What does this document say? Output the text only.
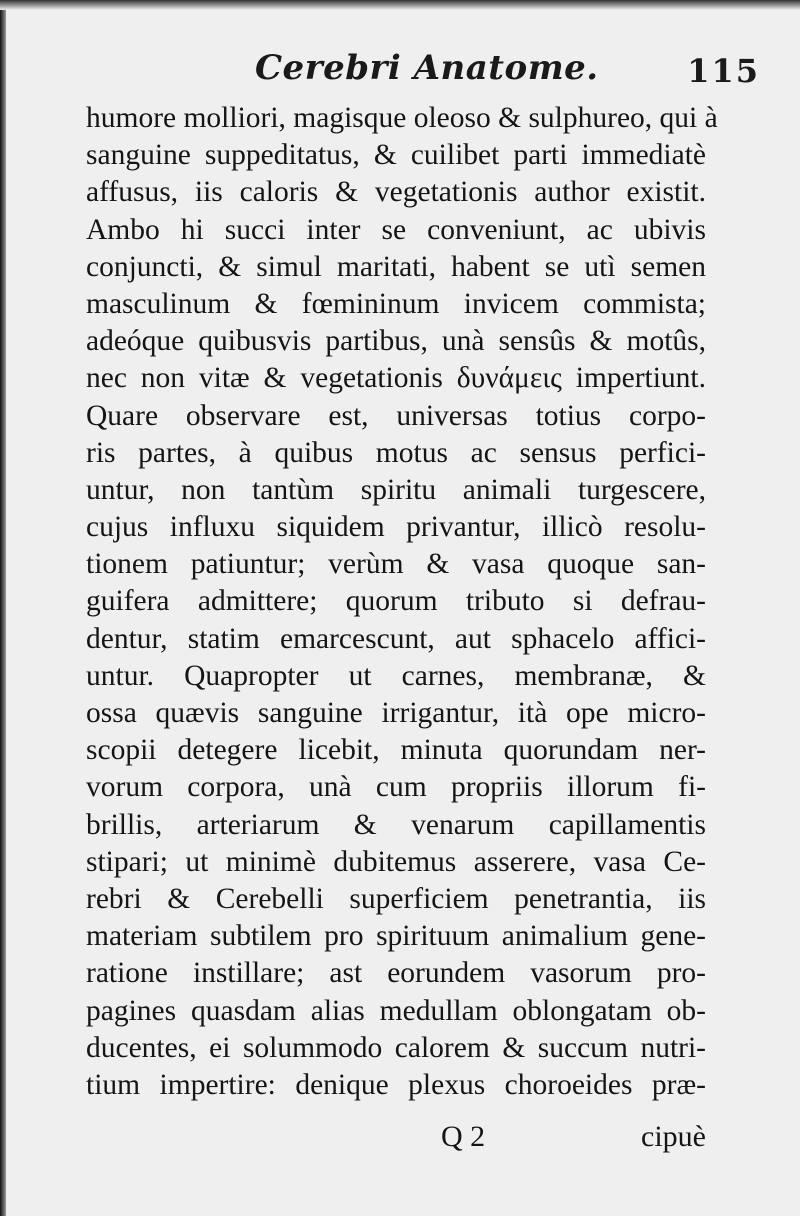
Cerebri Anatome.	115
humore molliori, magisque oleoso & sulphureo, qui à
sanguine suppeditatus, & cuilibet parti immediatè
affusus, iis caloris & vegetationis author existit.
Ambo hi succi inter se conveniunt, ac ubivis
conjuncti, & simul maritati, habent se utì semen
masculinum & fœmininum invicem commista;
adeóque quibusvis partibus, unà sensûs & motûs,
nec non vitæ & vegetationis δυνάμεις impertiunt.
Quare observare est, universas totius corpo-
ris partes, à quibus motus ac sensus perfici-
untur, non tantùm spiritu animali turgescere,
cujus influxu siquidem privantur, illicò resolu-
tionem patiuntur; verùm & vasa quoque san-
guifera admittere; quorum tributo si defrau-
dentur, statim emarcescunt, aut sphacelo affici-
untur. Quapropter ut carnes, membranæ, &
ossa quævis sanguine irrigantur, ità ope micro-
scopii detegere licebit, minuta quorundam ner-
vorum corpora, unà cum propriis illorum fi-
brillis, arteriarum & venarum capillamentis
stipari; ut minimè dubitemus asserere, vasa Ce-
rebri & Cerebelli superficiem penetrantia, iis
materiam subtilem pro spirituum animalium gene-
ratione instillare; ast eorundem vasorum pro-
pagines quasdam alias medullam oblongatam ob-
ducentes, ei solummodo calorem & succum nutri-
tium impertire: denique plexus choroeides præ-
Q 2	cipuè
